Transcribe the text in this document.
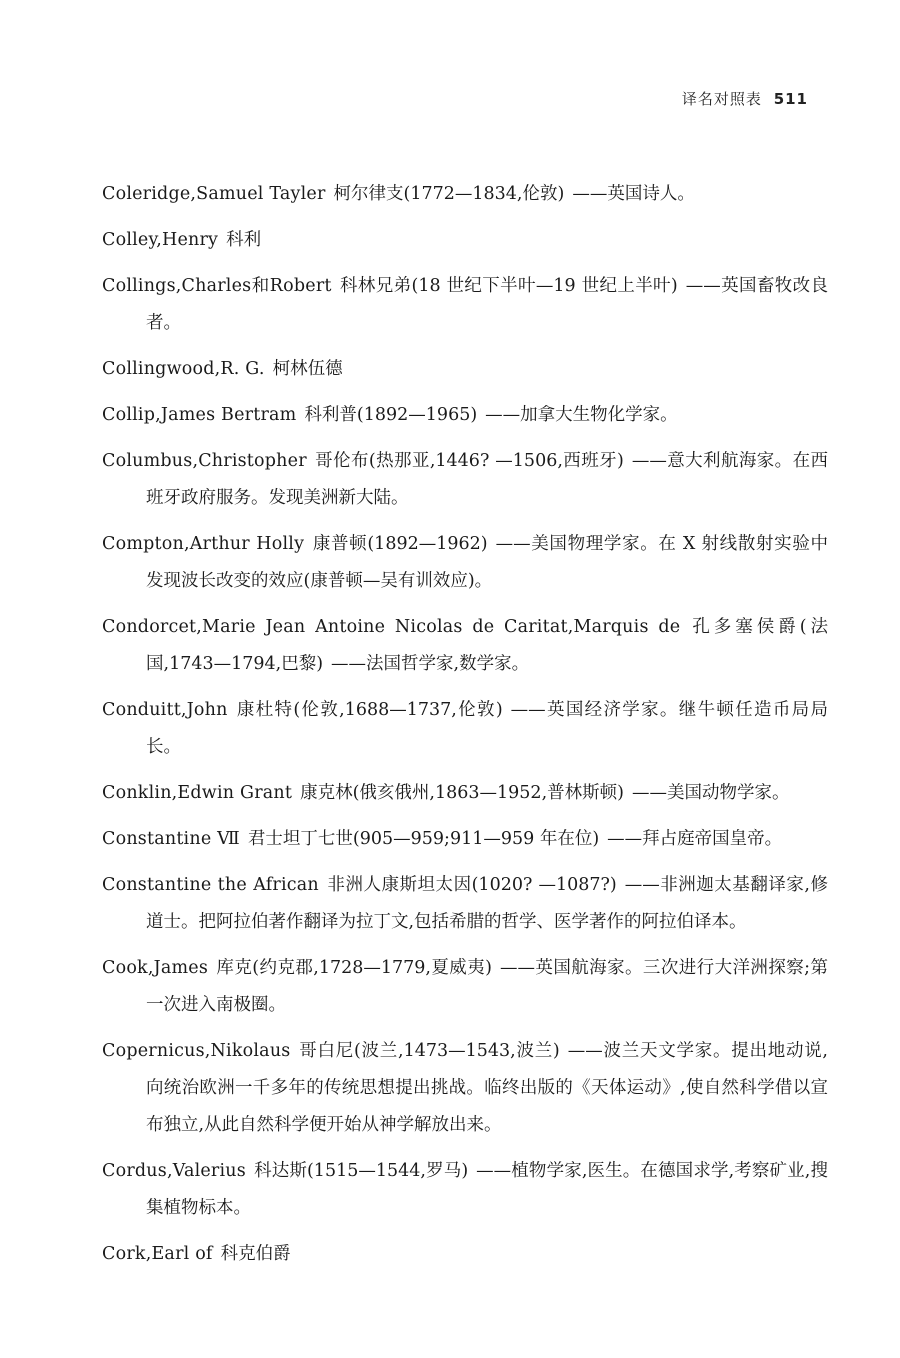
译名对照表 511

Coleridge,Samuel Tayler 柯尔律支(1772—1834,伦敦) ——英国诗人。

Colley,Henry 科利

Collings,Charles和Robert 科林兄弟(18 世纪下半叶—19 世纪上半叶) ——英国畜牧改良者。

Collingwood,R. G. 柯林伍德

Collip,James Bertram 科利普(1892—1965) ——加拿大生物化学家。

Columbus,Christopher 哥伦布(热那亚,1446? —1506,西班牙) ——意大利航海家。在西班牙政府服务。发现美洲新大陆。

Compton,Arthur Holly 康普顿(1892—1962) ——美国物理学家。在 X 射线散射实验中发现波长改变的效应(康普顿—吴有训效应)。

Condorcet,Marie Jean Antoine Nicolas de Caritat,Marquis de 孔多塞侯爵(法国,1743—1794,巴黎) ——法国哲学家,数学家。

Conduitt,John 康杜特(伦敦,1688—1737,伦敦) ——英国经济学家。继牛顿任造币局局长。

Conklin,Edwin Grant 康克林(俄亥俄州,1863—1952,普林斯顿) ——美国动物学家。

Constantine Ⅶ 君士坦丁七世(905—959;911—959 年在位) ——拜占庭帝国皇帝。

Constantine the African 非洲人康斯坦太因(1020? —1087?) ——非洲迦太基翻译家,修道士。把阿拉伯著作翻译为拉丁文,包括希腊的哲学、医学著作的阿拉伯译本。

Cook,James 库克(约克郡,1728—1779,夏威夷) ——英国航海家。三次进行大洋洲探察;第一次进入南极圈。

Copernicus,Nikolaus 哥白尼(波兰,1473—1543,波兰) ——波兰天文学家。提出地动说,向统治欧洲一千多年的传统思想提出挑战。临终出版的《天体运动》,使自然科学借以宣布独立,从此自然科学便开始从神学解放出来。

Cordus,Valerius 科达斯(1515—1544,罗马) ——植物学家,医生。在德国求学,考察矿业,搜集植物标本。

Cork,Earl of 科克伯爵
